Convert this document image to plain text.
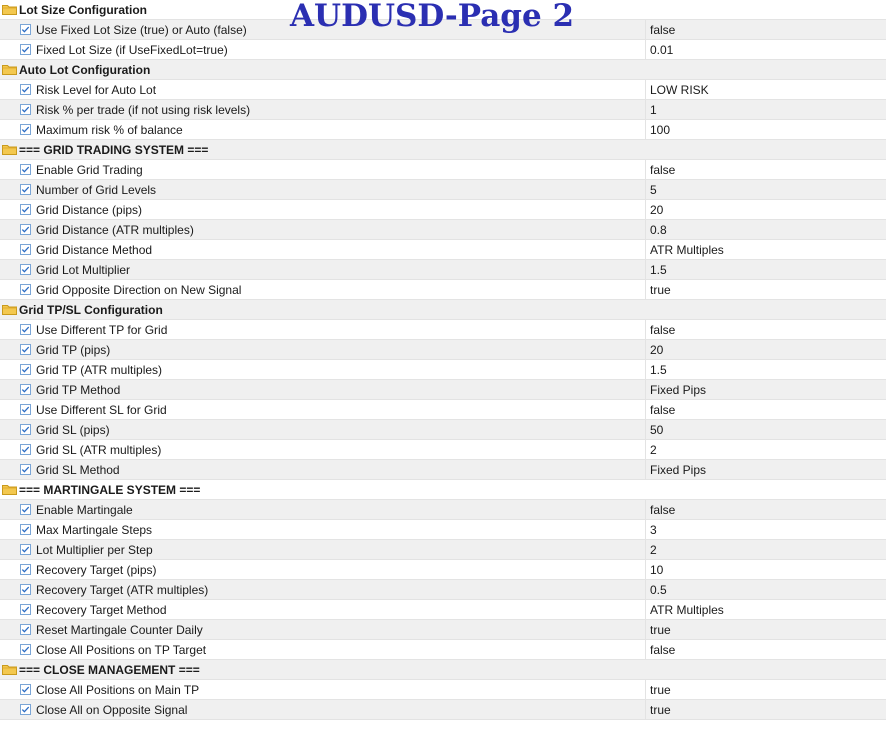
Lot Size Configuration
Use Fixed Lot Size (true) or Auto (false)	false
Fixed Lot Size (if UseFixedLot=true)	0.01
Auto Lot Configuration
Risk Level for Auto Lot	LOW RISK
Risk % per trade (if not using risk levels)	1
Maximum risk % of balance	100
=== GRID TRADING SYSTEM ===
Enable Grid Trading	false
Number of Grid Levels	5
Grid Distance (pips)	20
Grid Distance (ATR multiples)	0.8
Grid Distance Method	ATR Multiples
Grid Lot Multiplier	1.5
Grid Opposite Direction on New Signal	true
Grid TP/SL Configuration
Use Different TP for Grid	false
Grid TP (pips)	20
Grid TP (ATR multiples)	1.5
Grid TP Method	Fixed Pips
Use Different SL for Grid	false
Grid SL (pips)	50
Grid SL (ATR multiples)	2
Grid SL Method	Fixed Pips
=== MARTINGALE SYSTEM ===
Enable Martingale	false
Max Martingale Steps	3
Lot Multiplier per Step	2
Recovery Target (pips)	10
Recovery Target (ATR multiples)	0.5
Recovery Target Method	ATR Multiples
Reset Martingale Counter Daily	true
Close All Positions on TP Target	false
=== CLOSE MANAGEMENT ===
Close All Positions on Main TP	true
Close All on Opposite Signal	true
AUDUSD-Page 2
